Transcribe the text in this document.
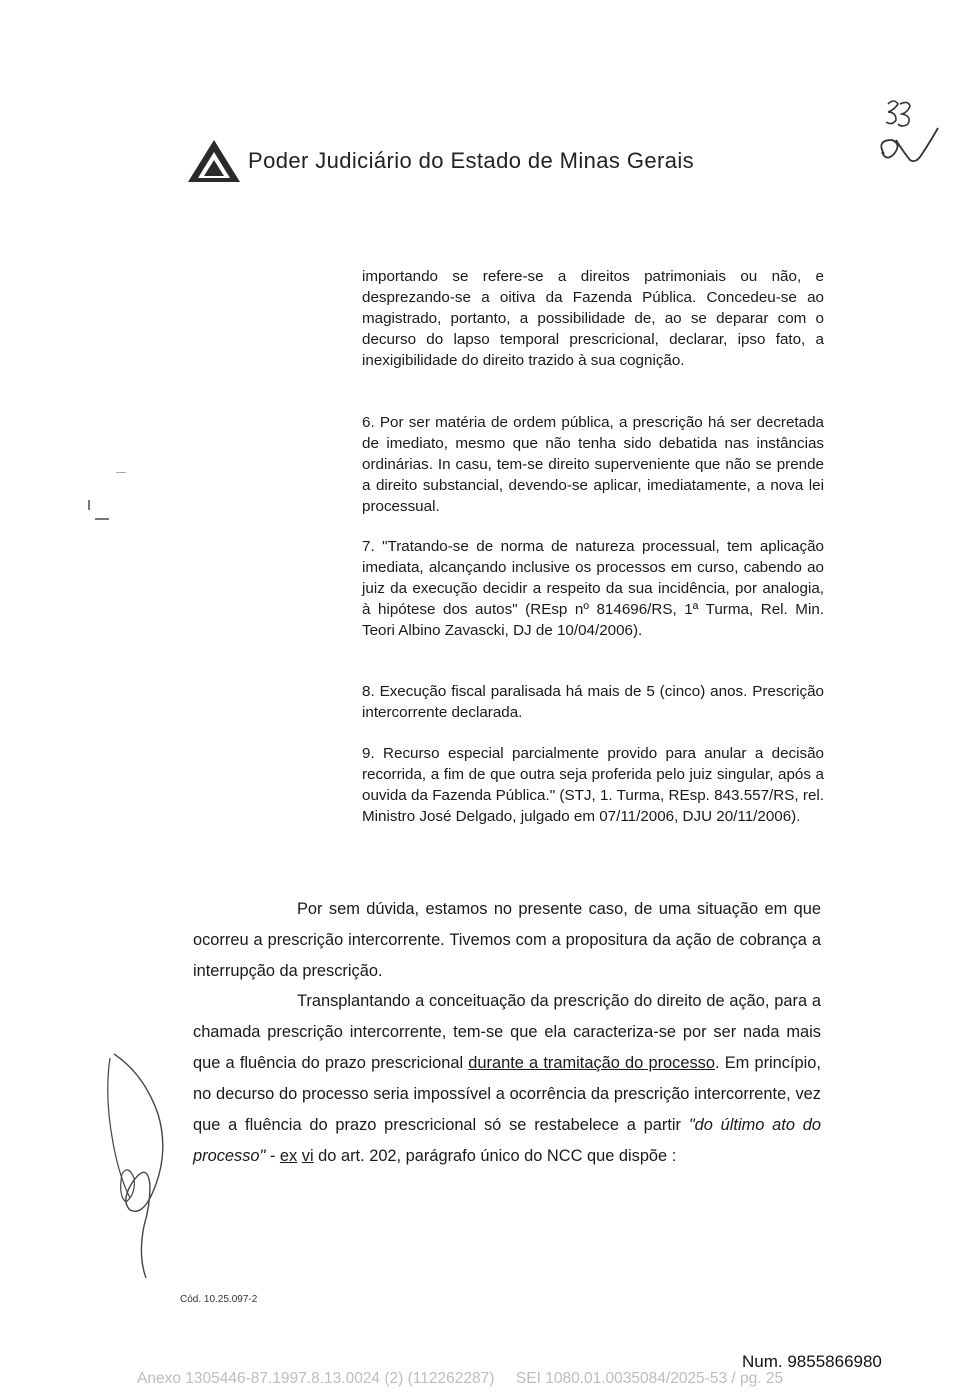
Poder Judiciário do Estado de Minas Gerais

importando se refere-se a direitos patrimoniais ou não, e desprezando-se a oitiva da Fazenda Pública. Concedeu-se ao magistrado, portanto, a possibilidade de, ao se deparar com o decurso do lapso temporal prescricional, declarar, ipso fato, a inexigibilidade do direito trazido à sua cognição.

6. Por ser matéria de ordem pública, a prescrição há ser decretada de imediato, mesmo que não tenha sido debatida nas instâncias ordinárias. In casu, tem-se direito superveniente que não se prende a direito substancial, devendo-se aplicar, imediatamente, a nova lei processual.

7. "Tratando-se de norma de natureza processual, tem aplicação imediata, alcançando inclusive os processos em curso, cabendo ao juiz da execução decidir a respeito da sua incidência, por analogia, à hipótese dos autos" (REsp nº 814696/RS, 1ª Turma, Rel. Min. Teori Albino Zavascki, DJ de 10/04/2006).

8. Execução fiscal paralisada há mais de 5 (cinco) anos. Prescrição intercorrente declarada.

9. Recurso especial parcialmente provido para anular a decisão recorrida, a fim de que outra seja proferida pelo juiz singular, após a ouvida da Fazenda Pública." (STJ, 1. Turma, REsp. 843.557/RS, rel. Ministro José Delgado, julgado em 07/11/2006, DJU 20/11/2006).

Por sem dúvida, estamos no presente caso, de uma situação em que ocorreu a prescrição intercorrente. Tivemos com a propositura da ação de cobrança a interrupção da prescrição.

Transplantando a conceituação da prescrição do direito de ação, para a chamada prescrição intercorrente, tem-se que ela caracteriza-se por ser nada mais que a fluência do prazo prescricional durante a tramitação do processo. Em princípio, no decurso do processo seria impossível a ocorrência da prescrição intercorrente, vez que a fluência do prazo prescricional só se restabelece a partir "do último ato do processo" - ex vi do art. 202, parágrafo único do NCC que dispõe :

Cód. 10.25.097-2
Num. 9855866980
Anexo 1305446-87.1997.8.13.0024 (2) (112262287) SEI 1080.01.0035084/2025-53 / pg. 25
